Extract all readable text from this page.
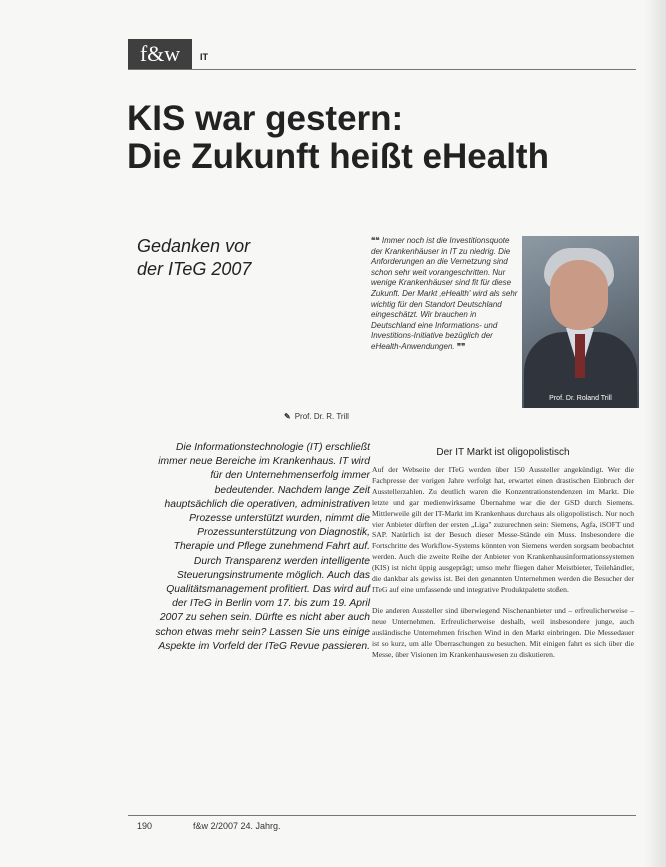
f&w	IT
KIS war gestern:
Die Zukunft heißt eHealth
Gedanken vor
der ITeG 2007
❝❝ Immer noch ist die Investitionsquote der Krankenhäuser in IT zu niedrig. Die Anforderungen an die Vernetzung sind schon sehr weit vorangeschritten. Nur wenige Krankenhäuser sind fit für diese Zukunft. Der Markt ‚eHealth' wird als sehr wichtig für den Standort Deutschland eingeschätzt. Wir brauchen in Deutschland eine Informations- und Investitions-Initiative bezüglich der eHealth-Anwendungen. ❞❞
Prof. Dr. Roland Trill
✎ Prof. Dr. R. Trill
Die Informationstechnologie (IT) erschließt immer neue Bereiche im Krankenhaus. IT wird für den Unternehmenserfolg immer bedeutender. Nachdem lange Zeit hauptsächlich die operativen, administrativen Prozesse unterstützt wurden, nimmt die Prozessunterstützung von Diagnostik, Therapie und Pflege zunehmend Fahrt auf. Durch Transparenz werden intelligente Steuerungsinstrumente möglich. Auch das Qualitätsmanagement profitiert. Das wird auf der ITeG in Berlin vom 17. bis zum 19. April 2007 zu sehen sein. Dürfte es nicht aber auch schon etwas mehr sein? Lassen Sie uns einige Aspekte im Vorfeld der ITeG Revue passieren.
Der IT Markt ist oligopolistisch

Auf der Webseite der ITeG werden über 150 Aussteller angekündigt. Wer die Fachpresse der vorigen Jahre verfolgt hat, erwartet einen drastischen Einbruch der Ausstellerzahlen. Zu deutlich waren die Konzentrationstendenzen im Markt. Die letzte und gar medienwirksame Übernahme war die der GSD durch Siemens. Mittlerweile gilt der IT-Markt im Krankenhaus durchaus als oligopolistisch. Nur noch vier Anbieter dürften der ersten „Liga" zuzurechnen sein: Siemens, Agfa, iSOFT und SAP. Natürlich ist der Besuch dieser Messe-Stände ein Muss. Insbesondere die Fortschritte des Workflow-Systems könnten von Siemens werden sorgsam beobachtet werden. Auch die zweite Reihe der Anbieter von Krankenhausinformationssystemen (KIS) ist nicht üppig ausgeprägt; umso mehr fliegen daher Meistbieter, Teilehändler, die dankbar als gewiss ist. Bei den genannten Unternehmen werden die Besucher der ITeG auf eine umfassende und integrative Produktpalette stoßen.

Die anderen Aussteller sind überwiegend Nischenanbieter und – erfreulicherweise – neue Unternehmen. Erfreulicherweise deshalb, weil insbesondere junge, auch ausländische Unternehmen frischen Wind in den Markt einbringen. Die Messedauer ist so kurz, um alle Überraschungen zu besuchen. Mit einigen fahrt es sich über die Messe, über Visionen im Krankenhauswesen zu diskutieren.

190	f&w 2/2007 24. Jahrg.
